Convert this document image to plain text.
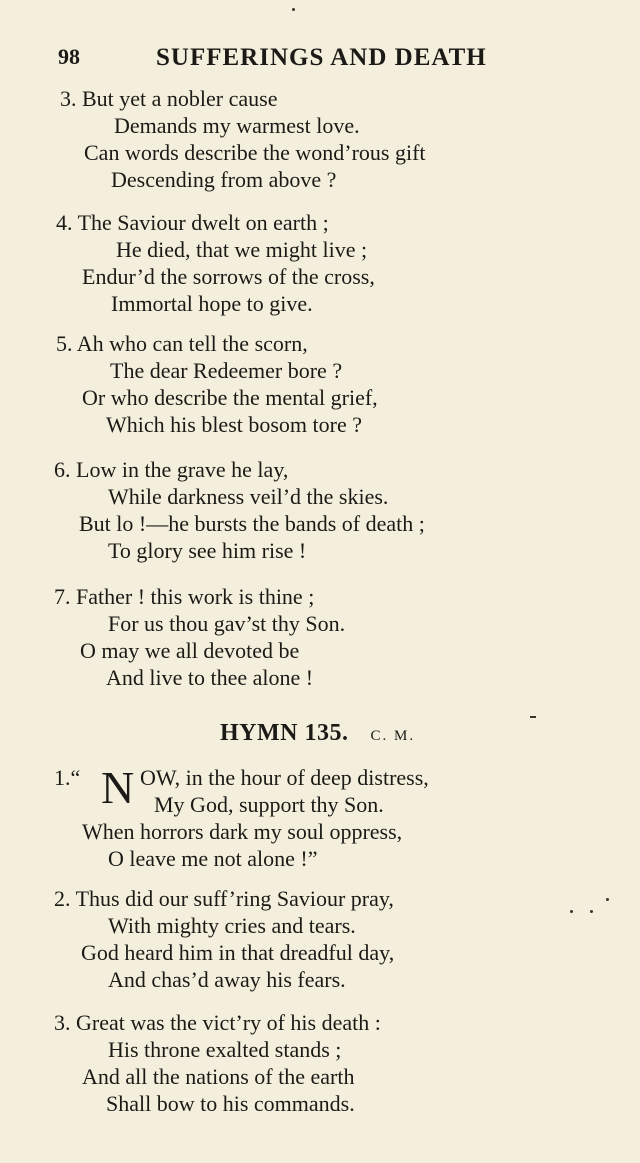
98	SUFFERINGS AND DEATH
3. But yet a nobler cause
Demands my warmest love.
Can words describe the wond’rous gift
Descending from above ?
4. The Saviour dwelt on earth ;
He died, that we might live ;
Endur’d the sorrows of the cross,
Immortal hope to give.
5. Ah who can tell the scorn,
The dear Redeemer bore ?
Or who describe the mental grief,
Which his blest bosom tore ?
6. Low in the grave he lay,
While darkness veil’d the skies.
But lo !—he bursts the bands of death ;
To glory see him rise !
7. Father ! this work is thine ;
For us thou gav’st thy Son.
O may we all devoted be
And live to thee alone !
HYMN 135. C. M.
1.“ N OW, in the hour of deep distress,
My God, support thy Son.
When horrors dark my soul oppress,
O leave me not alone !”
2. Thus did our suff’ring Saviour pray,
With mighty cries and tears.
God heard him in that dreadful day,
And chas’d away his fears.
3. Great was the vict’ry of his death :
His throne exalted stands ;
And all the nations of the earth
Shall bow to his commands.
